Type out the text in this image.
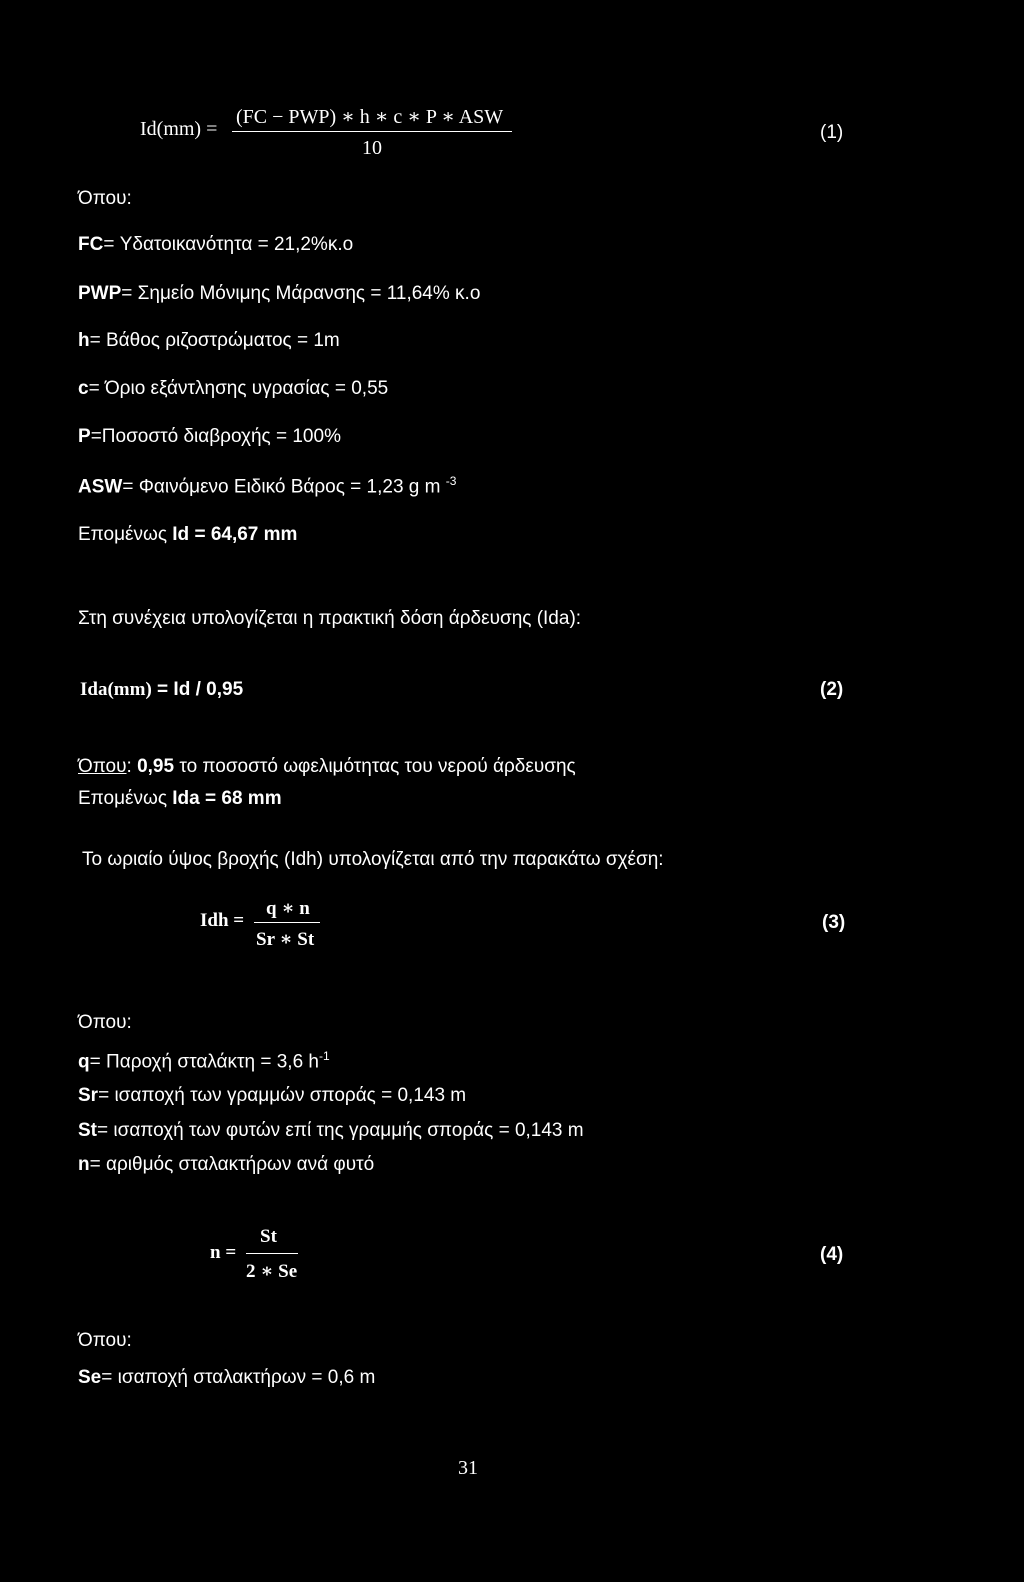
Id(mm) =
(FC − PWP) ∗ h ∗ c ∗ P ∗ ASW
10
(1)
Όπου:
FC= Υδατοικανότητα = 21,2%κ.ο
PWP= Σημείο Μόνιμης Μάρανσης = 11,64% κ.ο
h= Βάθος ριζοστρώματος = 1m
c= Όριο εξάντλησης υγρασίας = 0,55
P=Ποσοστό διαβροχής = 100%
ASW= Φαινόμενο Ειδικό Βάρος = 1,23 g m $^{-3}$
Επομένως Id = 64,67 mm
Στη συνέχεια υπολογίζεται η πρακτική δόση άρδευσης (Ida):
Ida(mm) = Id / 0,95	(2)
Όπου: 0,95 το ποσοστό ωφελιμότητας του νερού άρδευσης
Επομένως Ida = 68 mm
Το ωριαίο ύψος βροχής (Idh) υπολογίζεται από την παρακάτω σχέση:
Idh =
q ∗ n
Sr ∗ St
(3)
Όπου:
q= Παροχή σταλάκτη = 3,6 $h^{-1}$
Sr= ισαποχή των γραμμών σποράς = 0,143 m
St= ισαποχή των φυτών επί της γραμμής σποράς = 0,143 m
n= αριθμός σταλακτήρων ανά φυτό
n =
St
2 ∗ Se
(4)
Όπου:
Se= ισαποχή σταλακτήρων = 0,6 m
31
